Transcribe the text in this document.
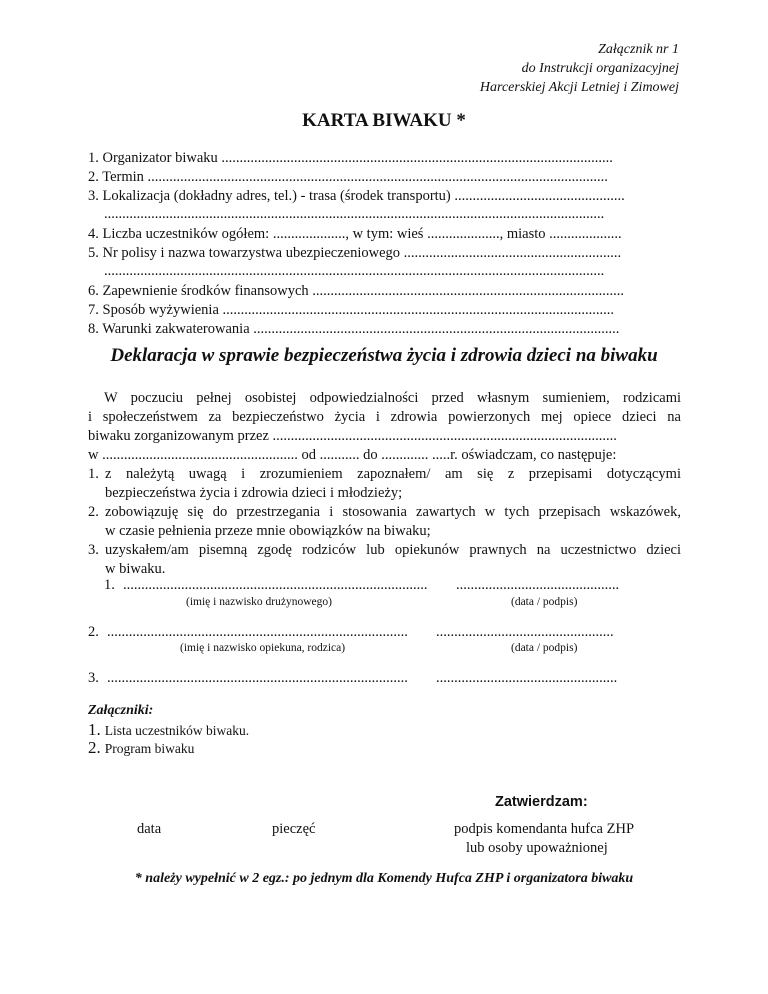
Załącznik nr 1
do Instrukcji organizacyjnej
Harcerskiej Akcji Letniej i Zimowej
KARTA BIWAKU *
1. Organizator biwaku ............................................................................................................
2. Termin ...............................................................................................................................
3. Lokalizacja (dokładny adres, tel.) - trasa (środek transportu) ...............................................
..........................................................................................................................................
4. Liczba uczestników ogółem: ...................., w tym: wieś ...................., miasto ....................
5. Nr polisy i nazwa towarzystwa ubezpieczeniowego ............................................................
..........................................................................................................................................
6. Zapewnienie środków finansowych ......................................................................................
7. Sposób wyżywienia ............................................................................................................
8. Warunki zakwaterowania .....................................................................................................
Deklaracja w sprawie bezpieczeństwa życia i zdrowia dzieci na biwaku
W poczuciu pełnej osobistej odpowiedzialności przed własnym sumieniem, rodzicami
i społeczeństwem za bezpieczeństwo życia i zdrowia powierzonych mej opiece dzieci na
biwaku zorganizowanym przez ...............................................................................................
w ...................................................... od ........... do ............. .....r. oświadczam, co następuje:
1. z należytą uwagą i zrozumieniem zapoznałem/ am się z przepisami dotyczącymi
bezpieczeństwa życia i zdrowia dzieci i młodzieży;
2. zobowiązuję się do przestrzegania i stosowania zawartych w tych przepisach wskazówek,
w czasie pełnienia przeze mnie obowiązków na biwaku;
3. uzyskałem/am pisemną zgodę rodziców lub opiekunów prawnych na uczestnictwo dzieci
w biwaku.
1. .................................................................................... .............................................
(imię i nazwisko drużynowego)	(data / podpis)
2. ................................................................................... .................................................
(imię i nazwisko opiekuna, rodzica)	(data / podpis)
3. ................................................................................... ..................................................
Załączniki:
1. Lista uczestników biwaku.
2. Program biwaku
Zatwierdzam:
data	pieczęć	podpis komendanta hufca ZHP
lub osoby upoważnionej
* należy wypełnić w 2 egz.: po jednym dla Komendy Hufca ZHP i organizatora biwaku
